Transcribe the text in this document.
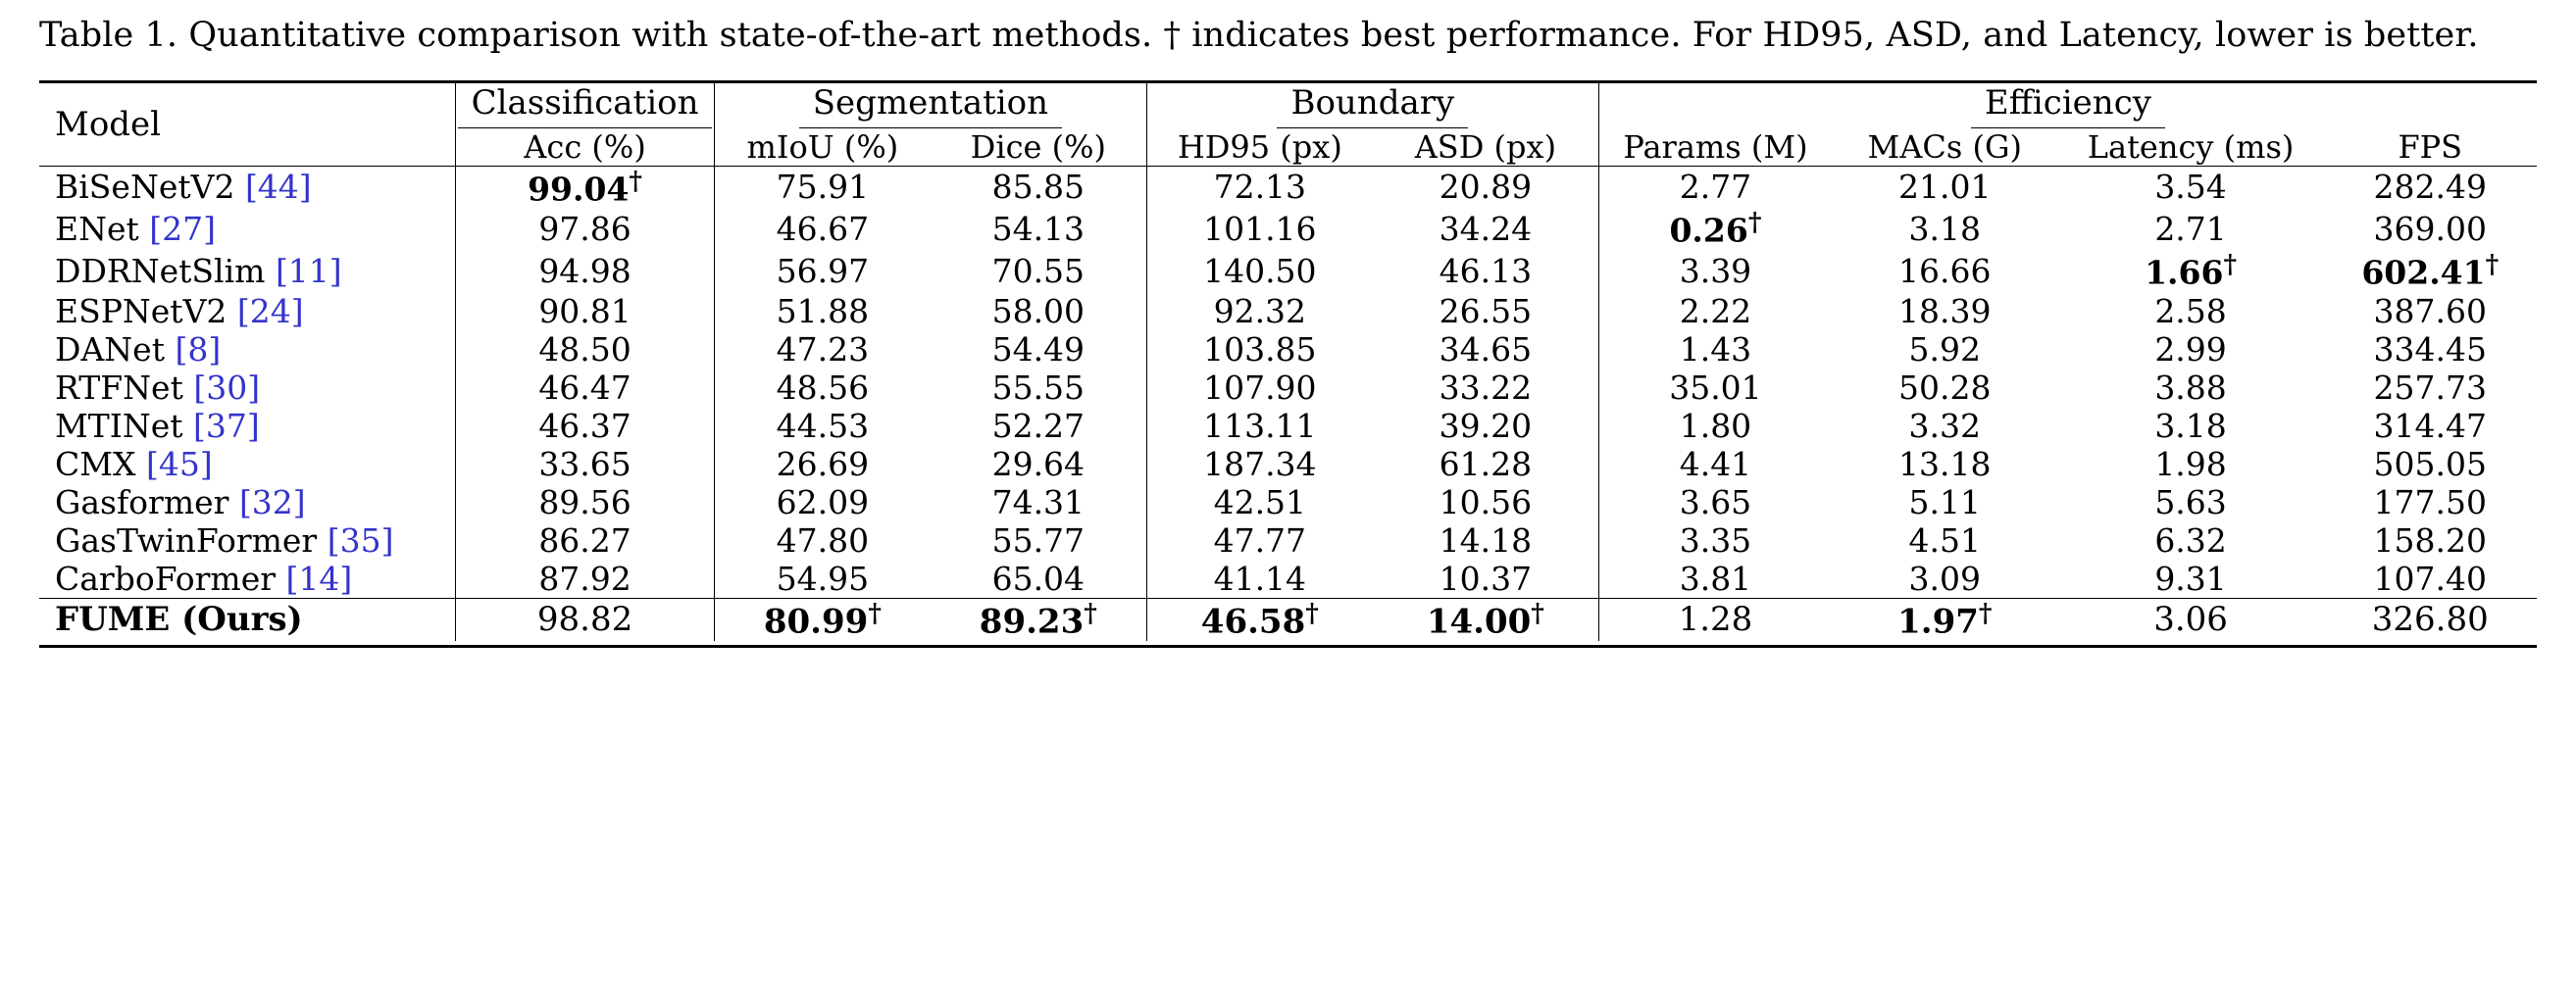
Table 1. Quantitative comparison with state-of-the-art methods. † indicates best performance. For HD95, ASD, and Latency, lower is better.
Model	Classification	Segmentation		Boundary		Efficiency			
	Acc (%)	mIoU (%)	Dice (%)	HD95 (px)	ASD (px)	Params (M)	MACs (G)	Latency (ms)	FPS
BiSeNetV2 [44]	99.04†	75.91	85.85	72.13	20.89	2.77	21.01	3.54	282.49
ENet [27]	97.86	46.67	54.13	101.16	34.24	0.26†	3.18	2.71	369.00
DDRNetSlim [11]	94.98	56.97	70.55	140.50	46.13	3.39	16.66	1.66†	602.41†
ESPNetV2 [24]	90.81	51.88	58.00	92.32	26.55	2.22	18.39	2.58	387.60
DANet [8]	48.50	47.23	54.49	103.85	34.65	1.43	5.92	2.99	334.45
RTFNet [30]	46.47	48.56	55.55	107.90	33.22	35.01	50.28	3.88	257.73
MTINet [37]	46.37	44.53	52.27	113.11	39.20	1.80	3.32	3.18	314.47
CMX [45]	33.65	26.69	29.64	187.34	61.28	4.41	13.18	1.98	505.05
Gasformer [32]	89.56	62.09	74.31	42.51	10.56	3.65	5.11	5.63	177.50
GasTwinFormer [35]	86.27	47.80	55.77	47.77	14.18	3.35	4.51	6.32	158.20
CarboFormer [14]	87.92	54.95	65.04	41.14	10.37	3.81	3.09	9.31	107.40
FUME (Ours)	98.82	80.99†	89.23†	46.58†	14.00†	1.28	1.97†	3.06	326.80
